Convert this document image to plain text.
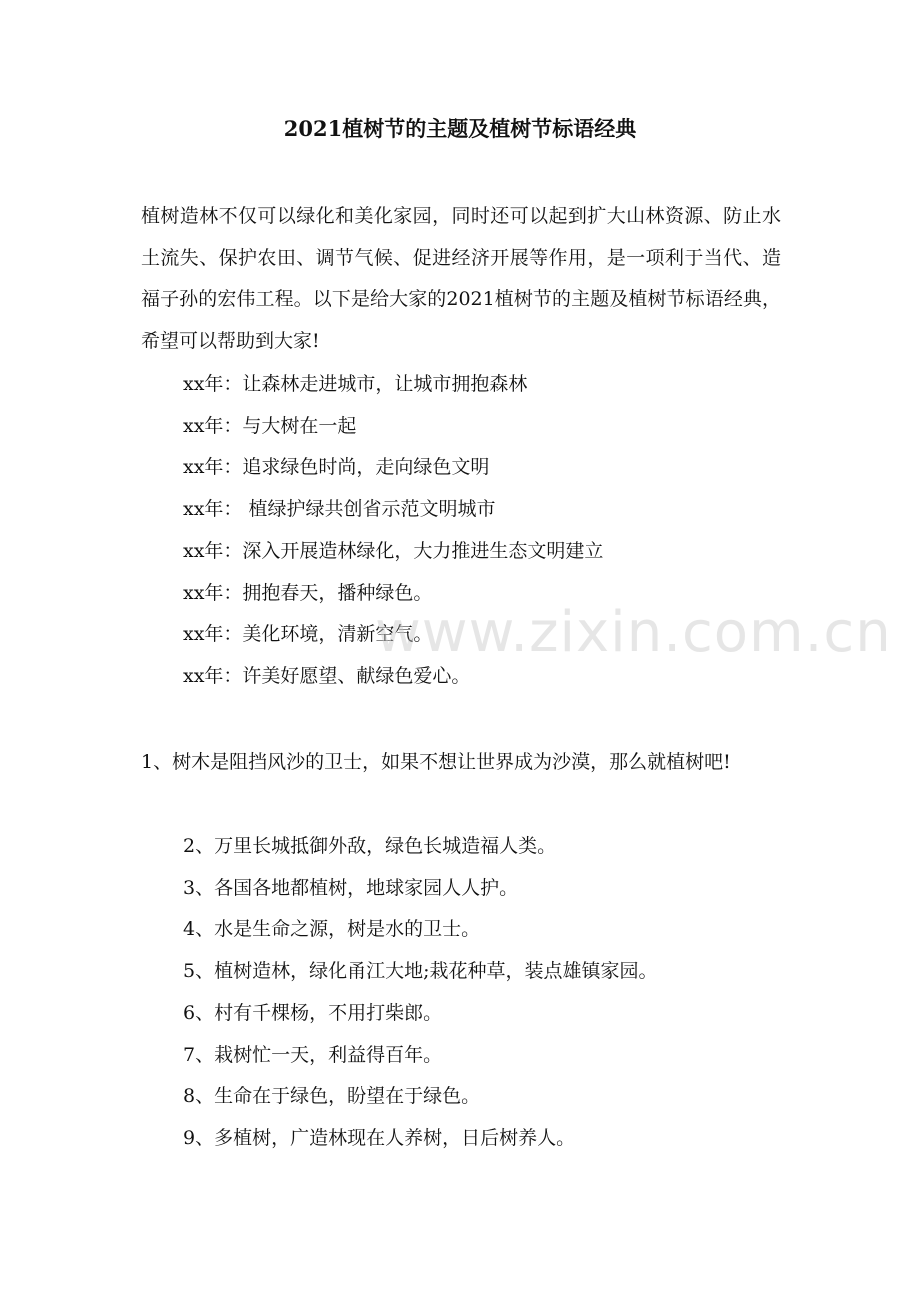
2021植树节的主题及植树节标语经典

植树造林不仅可以绿化和美化家园，同时还可以起到扩大山林资源、防止水土流失、保护农田、调节气候、促进经济开展等作用，是一项利于当代、造福子孙的宏伟工程。以下是给大家的2021植树节的主题及植树节标语经典，希望可以帮助到大家!

xx年：让森林走进城市，让城市拥抱森林
xx年：与大树在一起
xx年：追求绿色时尚，走向绿色文明
xx年： 植绿护绿共创省示范文明城市
xx年：深入开展造林绿化，大力推进生态文明建立
xx年：拥抱春天，播种绿色。
xx年：美化环境，清新空气。
xx年：许美好愿望、献绿色爱心。

1、树木是阻挡风沙的卫士，如果不想让世界成为沙漠，那么就植树吧!

2、万里长城抵御外敌，绿色长城造福人类。
3、各国各地都植树，地球家园人人护。
4、水是生命之源，树是水的卫士。
5、植树造林，绿化甬江大地;栽花种草，装点雄镇家园。
6、村有千棵杨，不用打柴郎。
7、栽树忙一天，利益得百年。
8、生命在于绿色，盼望在于绿色。
9、多植树，广造林现在人养树，日后树养人。
www.zixin.com.cn
